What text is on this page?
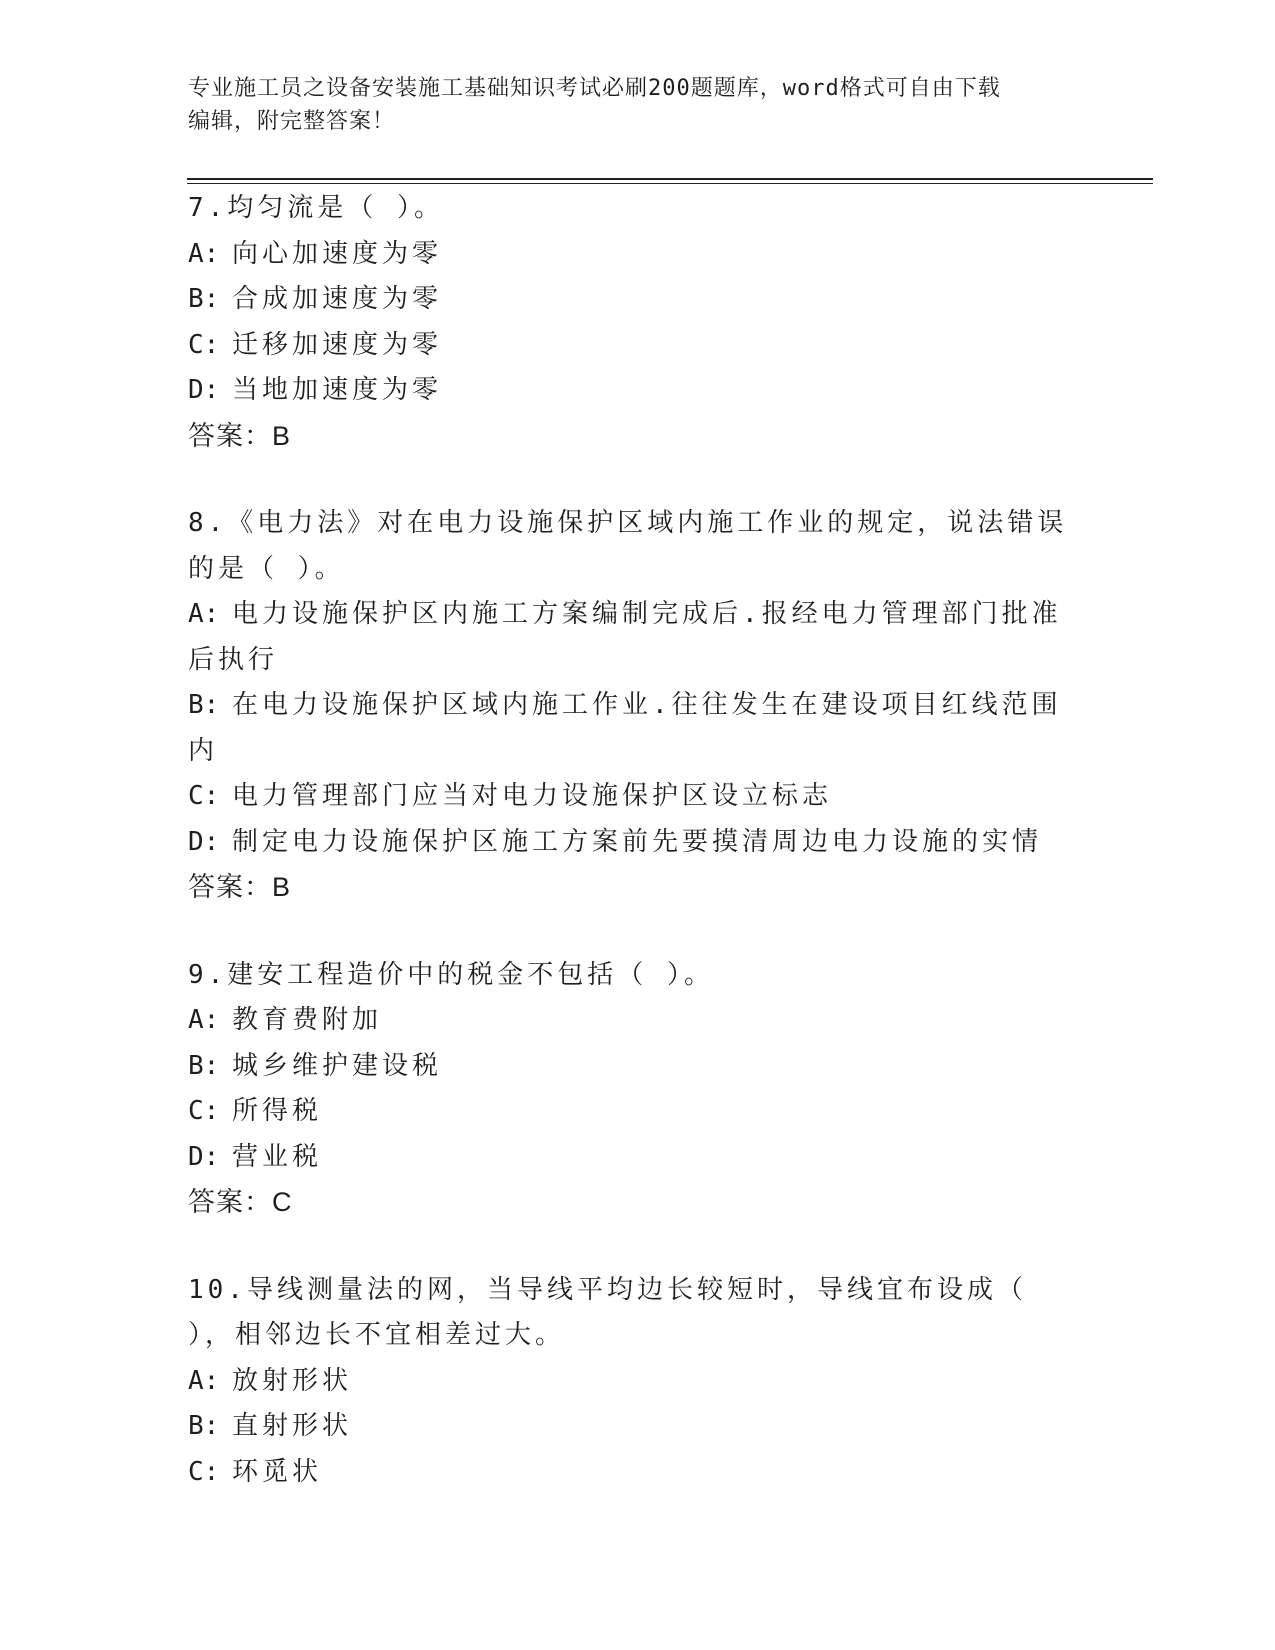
专业施工员之设备安装施工基础知识考试必刷200题题库，word格式可自由下载
编辑，附完整答案！

7.均匀流是（ ）。

A: 向心加速度为零

B: 合成加速度为零

C: 迁移加速度为零

D: 当地加速度为零

答案：B

8.《电力法》对在电力设施保护区域内施工作业的规定，说法错误的是（ ）。

A: 电力设施保护区内施工方案编制完成后.报经电力管理部门批准后执行

B: 在电力设施保护区域内施工作业.往往发生在建设项目红线范围内

C: 电力管理部门应当对电力设施保护区设立标志

D: 制定电力设施保护区施工方案前先要摸清周边电力设施的实情

答案：B

9.建安工程造价中的税金不包括（ ）。

A: 教育费附加

B: 城乡维护建设税

C: 所得税

D: 营业税

答案：C

10.导线测量法的网，当导线平均边长较短时，导线宜布设成（ ），相邻边长不宜相差过大。

A: 放射形状

B: 直射形状

C: 环觅状
